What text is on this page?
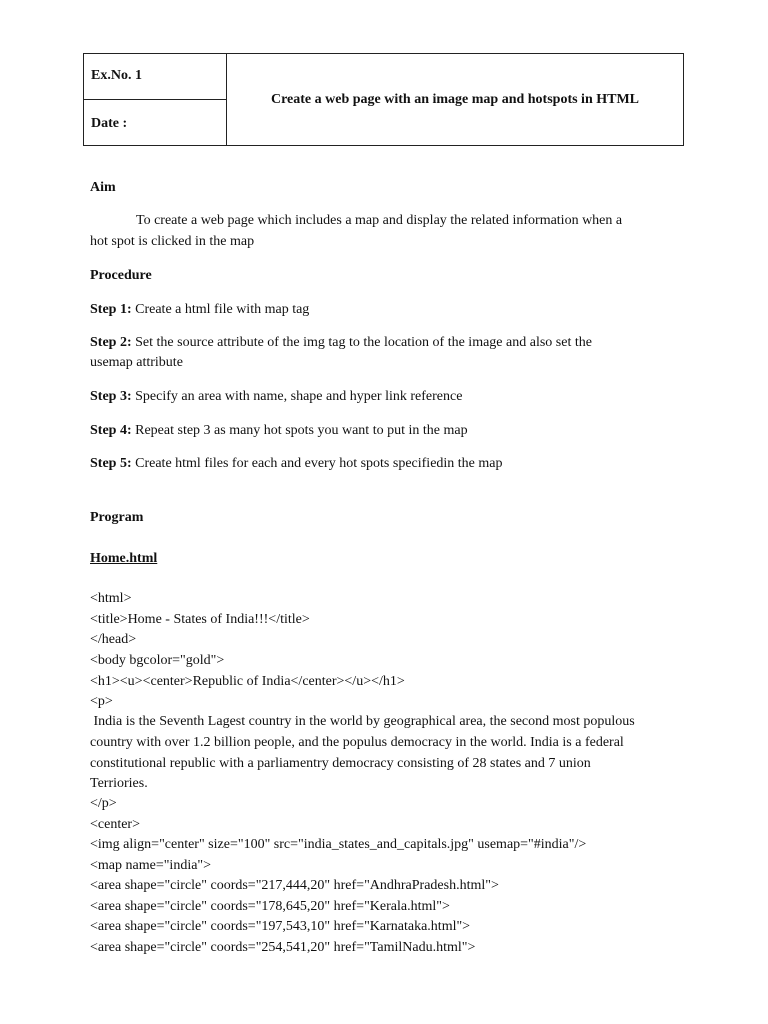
Ex.No. 1
Date :
Create a web page with an image map and hotspots in HTML
Aim
To create a web page which includes a map and display the related information when a
hot spot is clicked in the map
Procedure
Step 1: Create a html file with map tag
Step 2: Set the source attribute of the img tag to the location of the image and also set the
usemap attribute
Step 3: Specify an area with name, shape and hyper link reference
Step 4: Repeat step 3 as many hot spots you want to put in the map
Step 5: Create html files for each and every hot spots specifiedin the map
Program
Home.html
<html>
<title>Home - States of India!!!</title>
</head>
<body bgcolor="gold">
<h1><u><center>Republic of India</center></u></h1>
<p>
India is the Seventh Lagest country in the world by geographical area, the second most populous
country with over 1.2 billion people, and the populus democracy in the world. India is a federal
constitutional republic with a parliamentry democracy consisting of 28 states and 7 union
Terriories.
</p>
<center>
<img align="center" size="100" src="india_states_and_capitals.jpg" usemap="#india"/>
<map name="india">
<area shape="circle" coords="217,444,20" href="AndhraPradesh.html">
<area shape="circle" coords="178,645,20" href="Kerala.html">
<area shape="circle" coords="197,543,10" href="Karnataka.html">
<area shape="circle" coords="254,541,20" href="TamilNadu.html">
